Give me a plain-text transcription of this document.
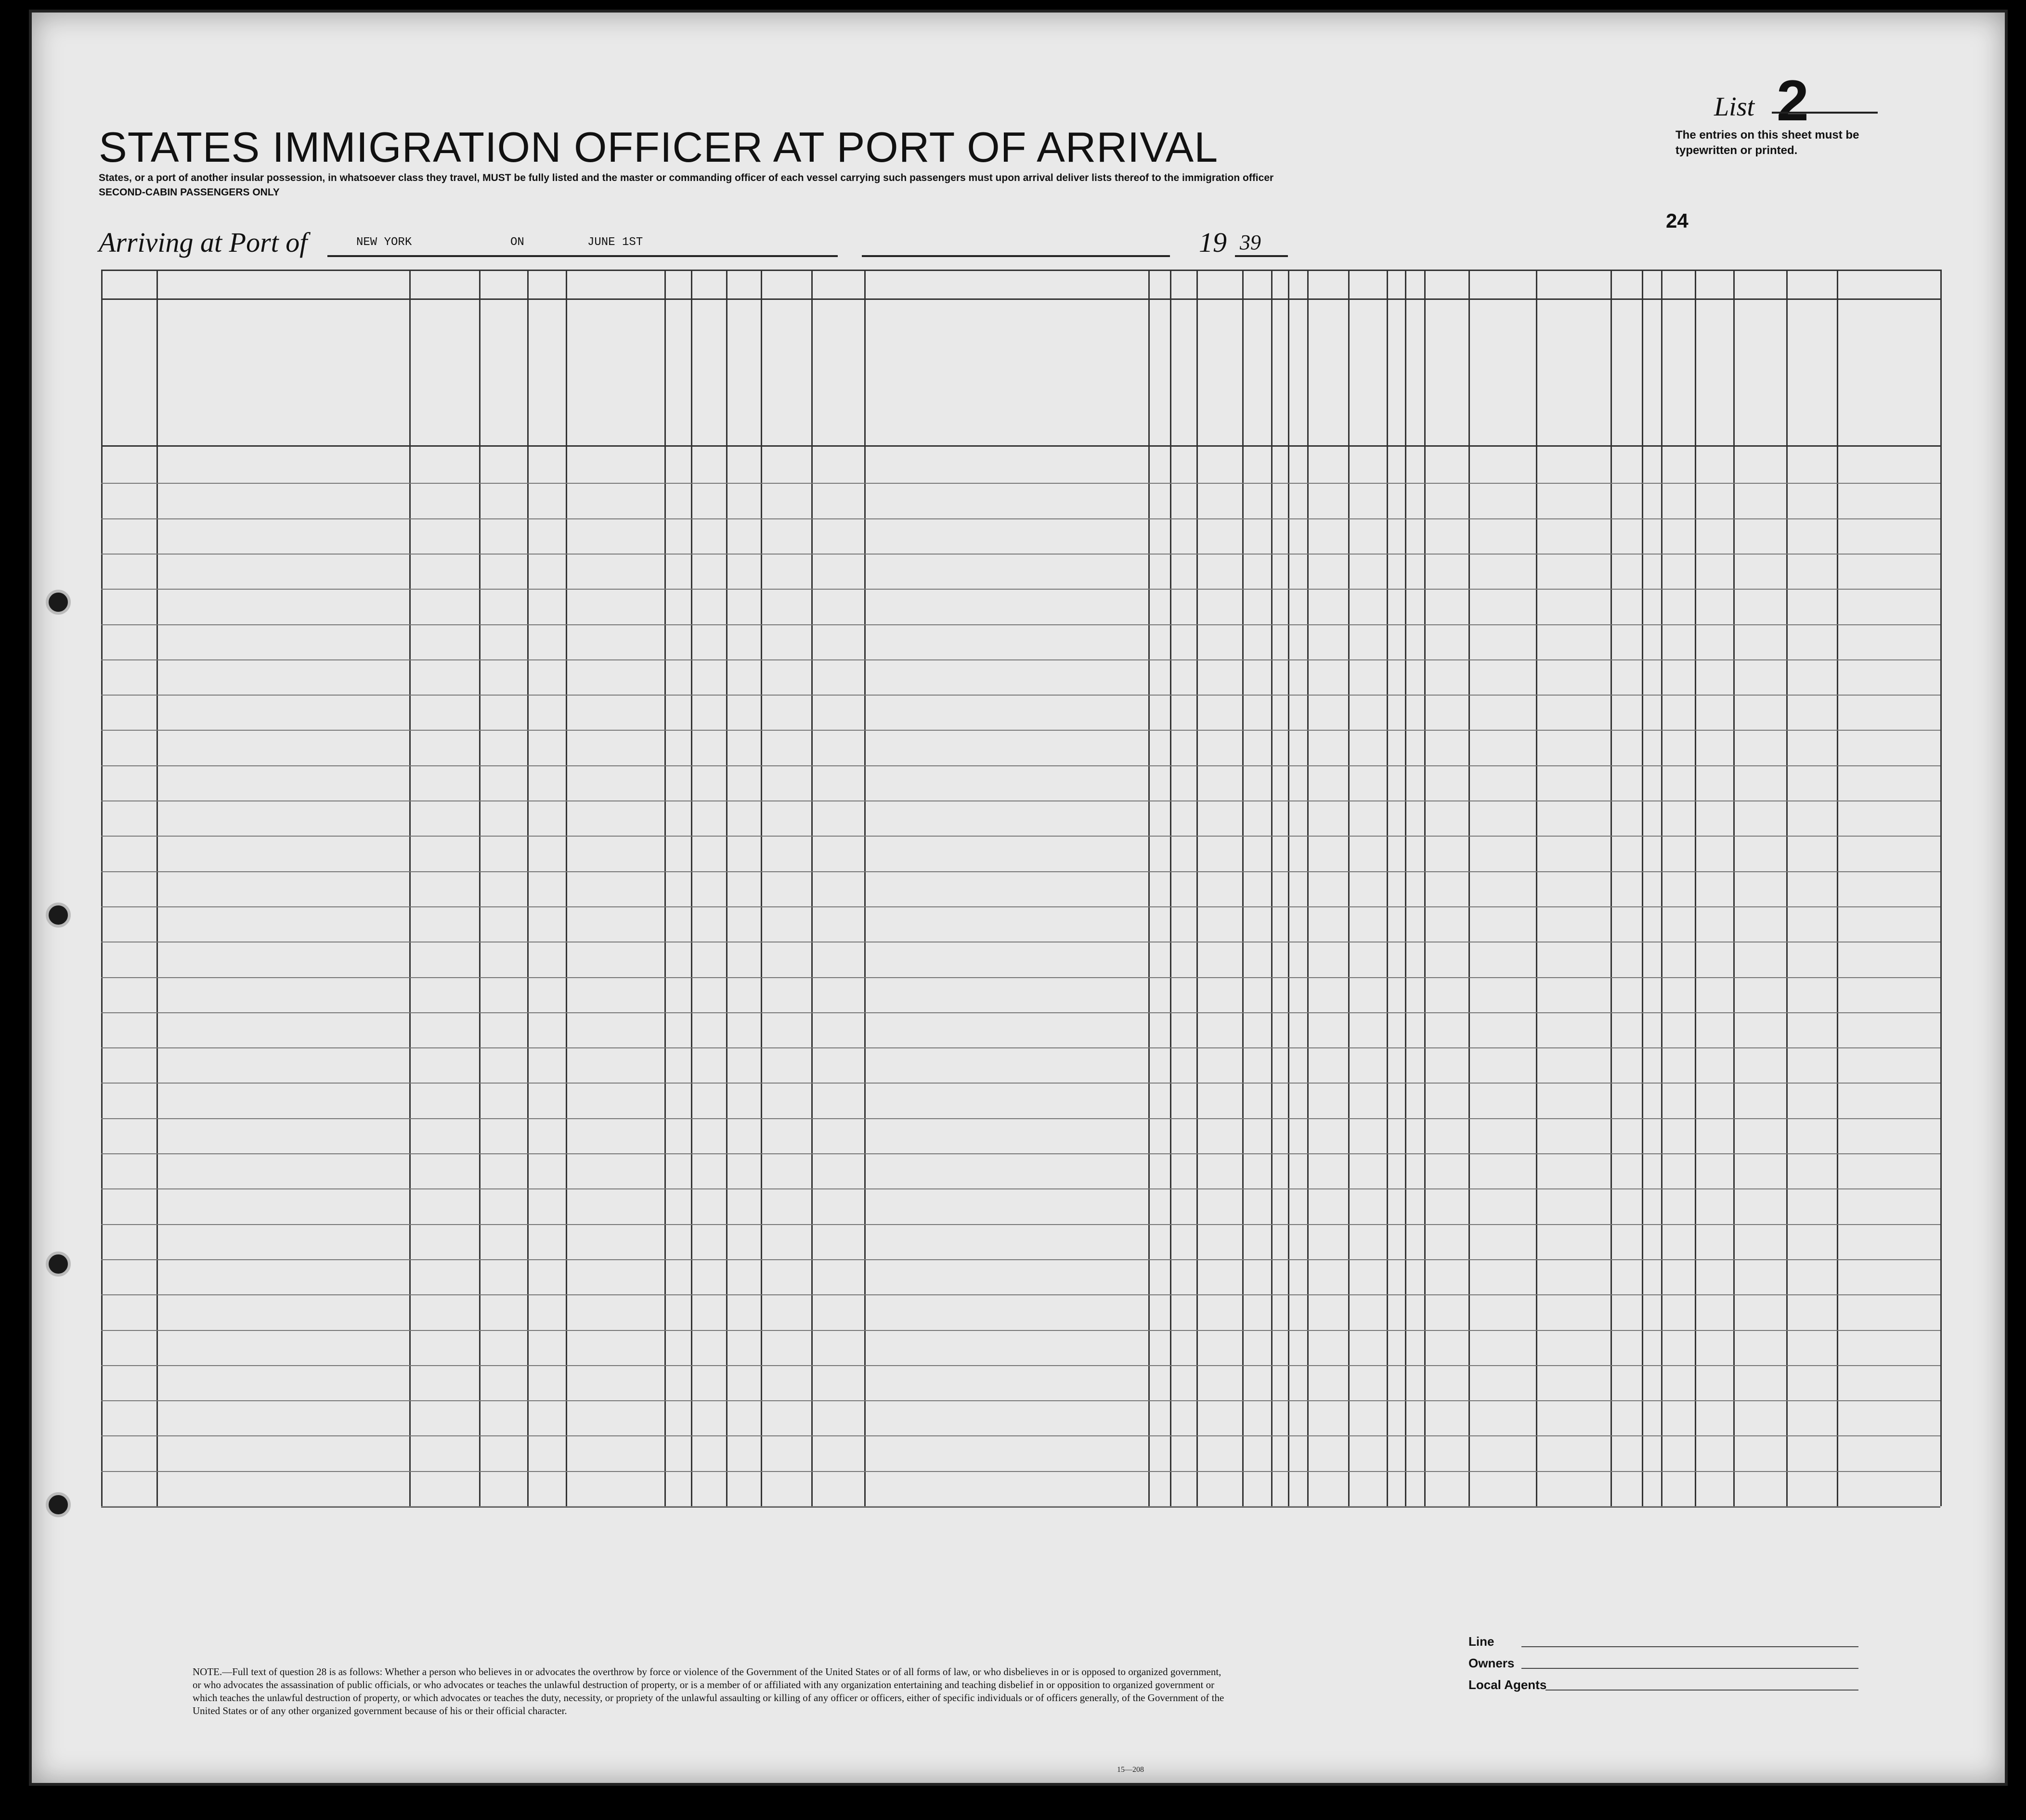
STATES IMMIGRATION OFFICER AT PORT OF ARRIVAL
States, or a port of another insular possession, in whatsoever class they travel, MUST be fully listed and the master or commanding officer of each vessel carrying such passengers must upon arrival deliver lists thereof to the immigration officer
SECOND-CABIN PASSENGERS ONLY
Arriving at Port of	NEW YORK	ON	JUNE 1ST	19 39
List 2
The entries on this sheet must be typewritten or printed.
24
NOTE.—Full text of question 28 is as follows: Whether a person who believes in or advocates the overthrow by force or violence of the Government of the United States or of all forms of law, or who disbelieves in or is opposed to organized government, or who advocates the assassination of public officials, or who advocates or teaches the unlawful destruction of property, or is a member of or affiliated with any organization entertaining and teaching disbelief in or opposition to organized government or which teaches the unlawful destruction of property, or which advocates or teaches the duty, necessity, or propriety of the unlawful assaulting or killing of any officer or officers, either of specific individuals or of officers generally, of the Government of the United States or of any other organized government because of his or their official character.
Line
Owners
Local Agents
15—208
